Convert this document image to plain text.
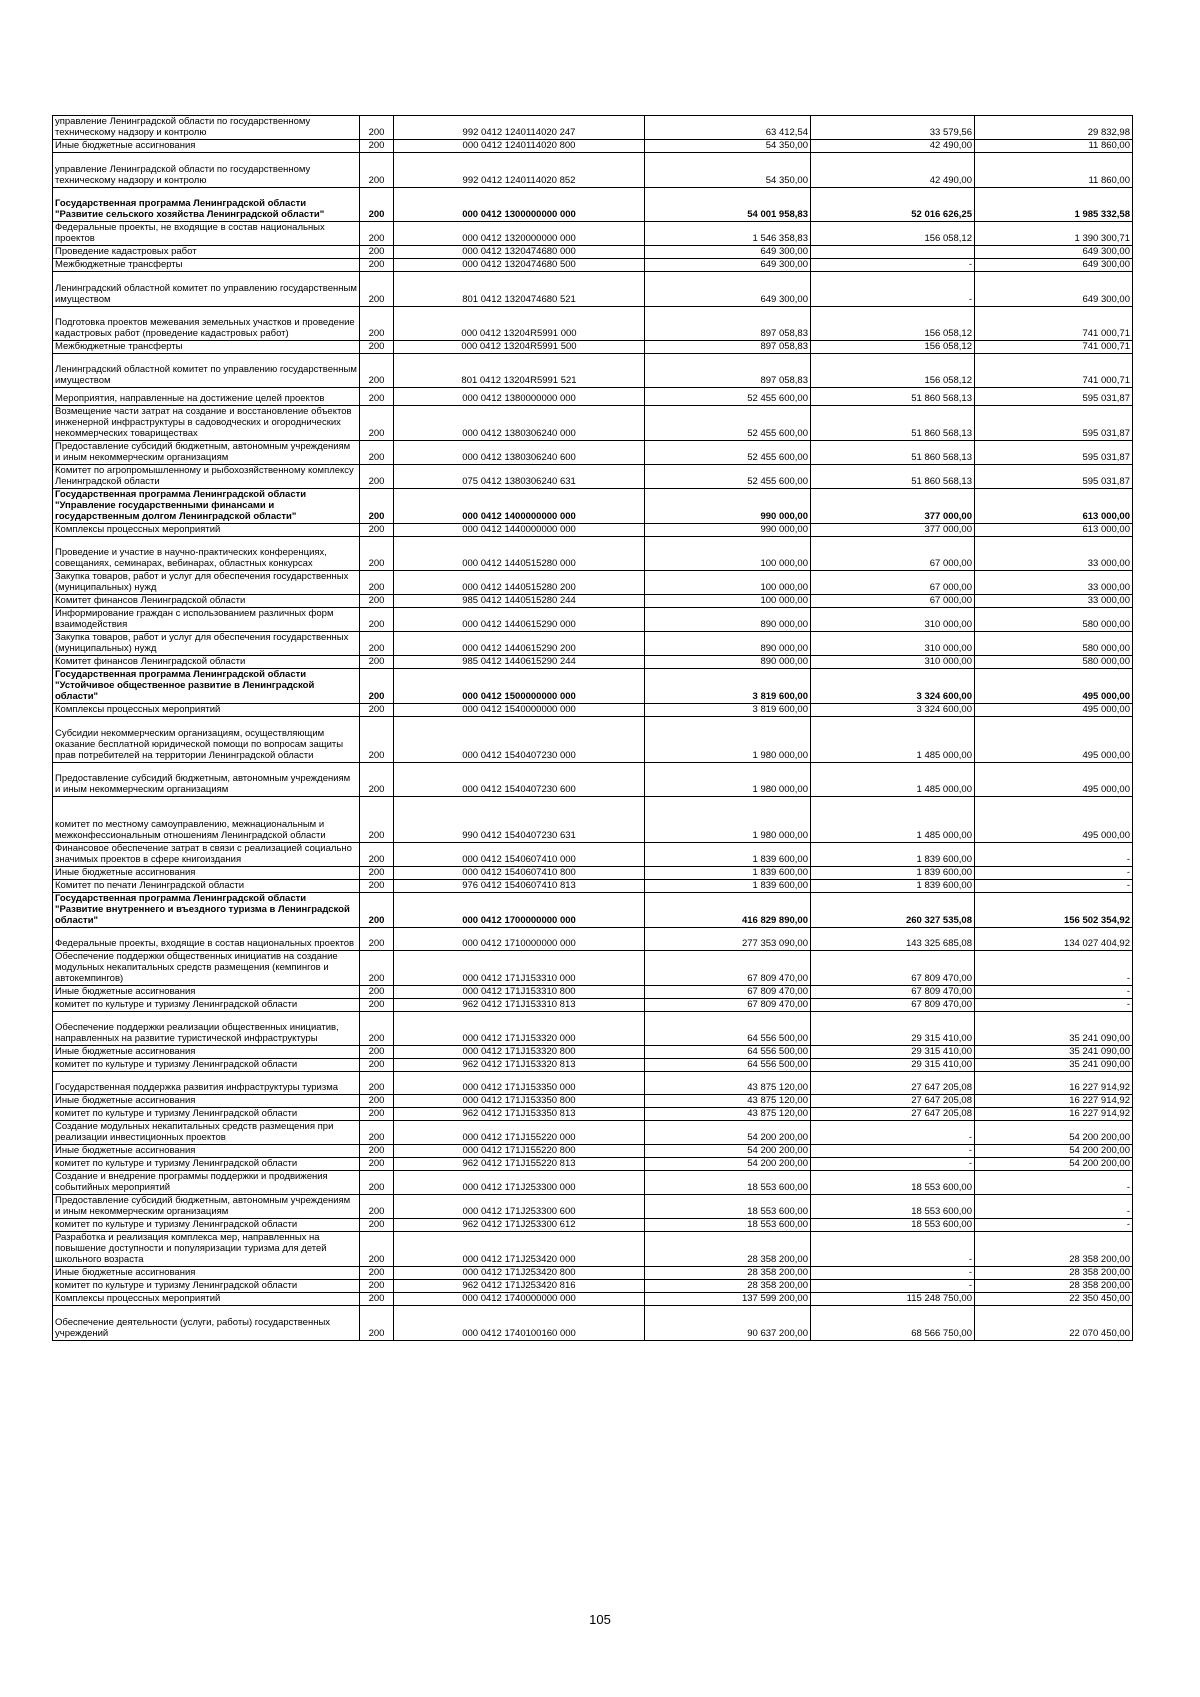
управление Ленинградской области по государственному техническому надзору и контролю	200	992 0412 1240114020 247	63 412,54	33 579,56	29 832,98
Иные бюджетные ассигнования	200	000 0412 1240114020 800	54 350,00	42 490,00	11 860,00
управление Ленинградской области по государственному техническому надзору и контролю	200	992 0412 1240114020 852	54 350,00	42 490,00	11 860,00
Государственная программа Ленинградской области "Развитие сельского хозяйства Ленинградской области"	200	000 0412 1300000000 000	54 001 958,83	52 016 626,25	1 985 332,58
Федеральные проекты, не входящие в состав национальных проектов	200	000 0412 1320000000 000	1 546 358,83	156 058,12	1 390 300,71
Проведение кадастровых работ	200	000 0412 1320474680 000	649 300,00		649 300,00
Межбюджетные трансферты	200	000 0412 1320474680 500	649 300,00	-	649 300,00
Ленинградский областной комитет по управлению государственным имуществом	200	801 0412 1320474680 521	649 300,00	-	649 300,00
Подготовка проектов межевания земельных участков и проведение кадастровых работ (проведение кадастровых работ)	200	000 0412 13204R5991 000	897 058,83	156 058,12	741 000,71
Межбюджетные трансферты	200	000 0412 13204R5991 500	897 058,83	156 058,12	741 000,71
Ленинградский областной комитет по управлению государственным имуществом	200	801 0412 13204R5991 521	897 058,83	156 058,12	741 000,71
Мероприятия, направленные на достижение целей проектов	200	000 0412 1380000000 000	52 455 600,00	51 860 568,13	595 031,87
Возмещение части затрат на создание и восстановление объектов инженерной инфраструктуры в садоводческих и огороднических некоммерческих товариществах	200	000 0412 1380306240 000	52 455 600,00	51 860 568,13	595 031,87
Предоставление субсидий бюджетным, автономным учреждениям и иным некоммерческим организациям	200	000 0412 1380306240 600	52 455 600,00	51 860 568,13	595 031,87
Комитет по агропромышленному и рыбохозяйственному комплексу Ленинградской области	200	075 0412 1380306240 631	52 455 600,00	51 860 568,13	595 031,87
Государственная программа Ленинградской области "Управление государственными финансами и государственным долгом Ленинградской области"	200	000 0412 1400000000 000	990 000,00	377 000,00	613 000,00
Комплексы процессных мероприятий	200	000 0412 1440000000 000	990 000,00	377 000,00	613 000,00
Проведение и участие в научно-практических конференциях, совещаниях, семинарах, вебинарах, областных конкурсах	200	000 0412 1440515280 000	100 000,00	67 000,00	33 000,00
Закупка товаров, работ и услуг для обеспечения государственных (муниципальных) нужд	200	000 0412 1440515280 200	100 000,00	67 000,00	33 000,00
Комитет финансов Ленинградской области	200	985 0412 1440515280 244	100 000,00	67 000,00	33 000,00
Информирование граждан с использованием различных форм взаимодействия	200	000 0412 1440615290 000	890 000,00	310 000,00	580 000,00
Закупка товаров, работ и услуг для обеспечения государственных (муниципальных) нужд	200	000 0412 1440615290 200	890 000,00	310 000,00	580 000,00
Комитет финансов Ленинградской области	200	985 0412 1440615290 244	890 000,00	310 000,00	580 000,00
Государственная программа Ленинградской области "Устойчивое общественное развитие в Ленинградской области"	200	000 0412 1500000000 000	3 819 600,00	3 324 600,00	495 000,00
Комплексы процессных мероприятий	200	000 0412 1540000000 000	3 819 600,00	3 324 600,00	495 000,00
Субсидии некоммерческим организациям, осуществляющим оказание бесплатной юридической помощи по вопросам защиты прав потребителей на территории Ленинградской области	200	000 0412 1540407230 000	1 980 000,00	1 485 000,00	495 000,00
Предоставление субсидий бюджетным, автономным учреждениям и иным некоммерческим организациям	200	000 0412 1540407230 600	1 980 000,00	1 485 000,00	495 000,00
комитет по местному самоуправлению, межнациональным и межконфессиональным отношениям Ленинградской области	200	990 0412 1540407230 631	1 980 000,00	1 485 000,00	495 000,00
Финансовое обеспечение затрат в связи с реализацией социально значимых проектов в сфере книгоиздания	200	000 0412 1540607410 000	1 839 600,00	1 839 600,00	-
Иные бюджетные ассигнования	200	000 0412 1540607410 800	1 839 600,00	1 839 600,00	-
Комитет по печати Ленинградской области	200	976 0412 1540607410 813	1 839 600,00	1 839 600,00	-
Государственная программа Ленинградской области "Развитие внутреннего и въездного туризма в Ленинградской области"	200	000 0412 1700000000 000	416 829 890,00	260 327 535,08	156 502 354,92
Федеральные проекты, входящие в состав национальных проектов	200	000 0412 1710000000 000	277 353 090,00	143 325 685,08	134 027 404,92
Обеспечение поддержки общественных инициатив на создание модульных некапитальных средств размещения (кемпингов и автокемпингов)	200	000 0412 171J153310 000	67 809 470,00	67 809 470,00	-
Иные бюджетные ассигнования	200	000 0412 171J153310 800	67 809 470,00	67 809 470,00	-
комитет по культуре и туризму Ленинградской области	200	962 0412 171J153310 813	67 809 470,00	67 809 470,00	-
Обеспечение поддержки реализации общественных инициатив, направленных на развитие туристической инфраструктуры	200	000 0412 171J153320 000	64 556 500,00	29 315 410,00	35 241 090,00
Иные бюджетные ассигнования	200	000 0412 171J153320 800	64 556 500,00	29 315 410,00	35 241 090,00
комитет по культуре и туризму Ленинградской области	200	962 0412 171J153320 813	64 556 500,00	29 315 410,00	35 241 090,00
Государственная поддержка развития инфраструктуры туризма	200	000 0412 171J153350 000	43 875 120,00	27 647 205,08	16 227 914,92
Иные бюджетные ассигнования	200	000 0412 171J153350 800	43 875 120,00	27 647 205,08	16 227 914,92
комитет по культуре и туризму Ленинградской области	200	962 0412 171J153350 813	43 875 120,00	27 647 205,08	16 227 914,92
Создание модульных некапитальных средств размещения при реализации инвестиционных проектов	200	000 0412 171J155220 000	54 200 200,00	-	54 200 200,00
Иные бюджетные ассигнования	200	000 0412 171J155220 800	54 200 200,00	-	54 200 200,00
комитет по культуре и туризму Ленинградской области	200	962 0412 171J155220 813	54 200 200,00	-	54 200 200,00
Создание и внедрение программы поддержки и продвижения событийных мероприятий	200	000 0412 171J253300 000	18 553 600,00	18 553 600,00	-
Предоставление субсидий бюджетным, автономным учреждениям и иным некоммерческим организациям	200	000 0412 171J253300 600	18 553 600,00	18 553 600,00	-
комитет по культуре и туризму Ленинградской области	200	962 0412 171J253300 612	18 553 600,00	18 553 600,00	-
Разработка и реализация комплекса мер, направленных на повышение доступности и популяризации туризма для детей школьного возраста	200	000 0412 171J253420 000	28 358 200,00	-	28 358 200,00
Иные бюджетные ассигнования	200	000 0412 171J253420 800	28 358 200,00	-	28 358 200,00
комитет по культуре и туризму Ленинградской области	200	962 0412 171J253420 816	28 358 200,00	-	28 358 200,00
Комплексы процессных мероприятий	200	000 0412 1740000000 000	137 599 200,00	115 248 750,00	22 350 450,00
Обеспечение деятельности (услуги, работы) государственных учреждений	200	000 0412 1740100160 000	90 637 200,00	68 566 750,00	22 070 450,00
105
